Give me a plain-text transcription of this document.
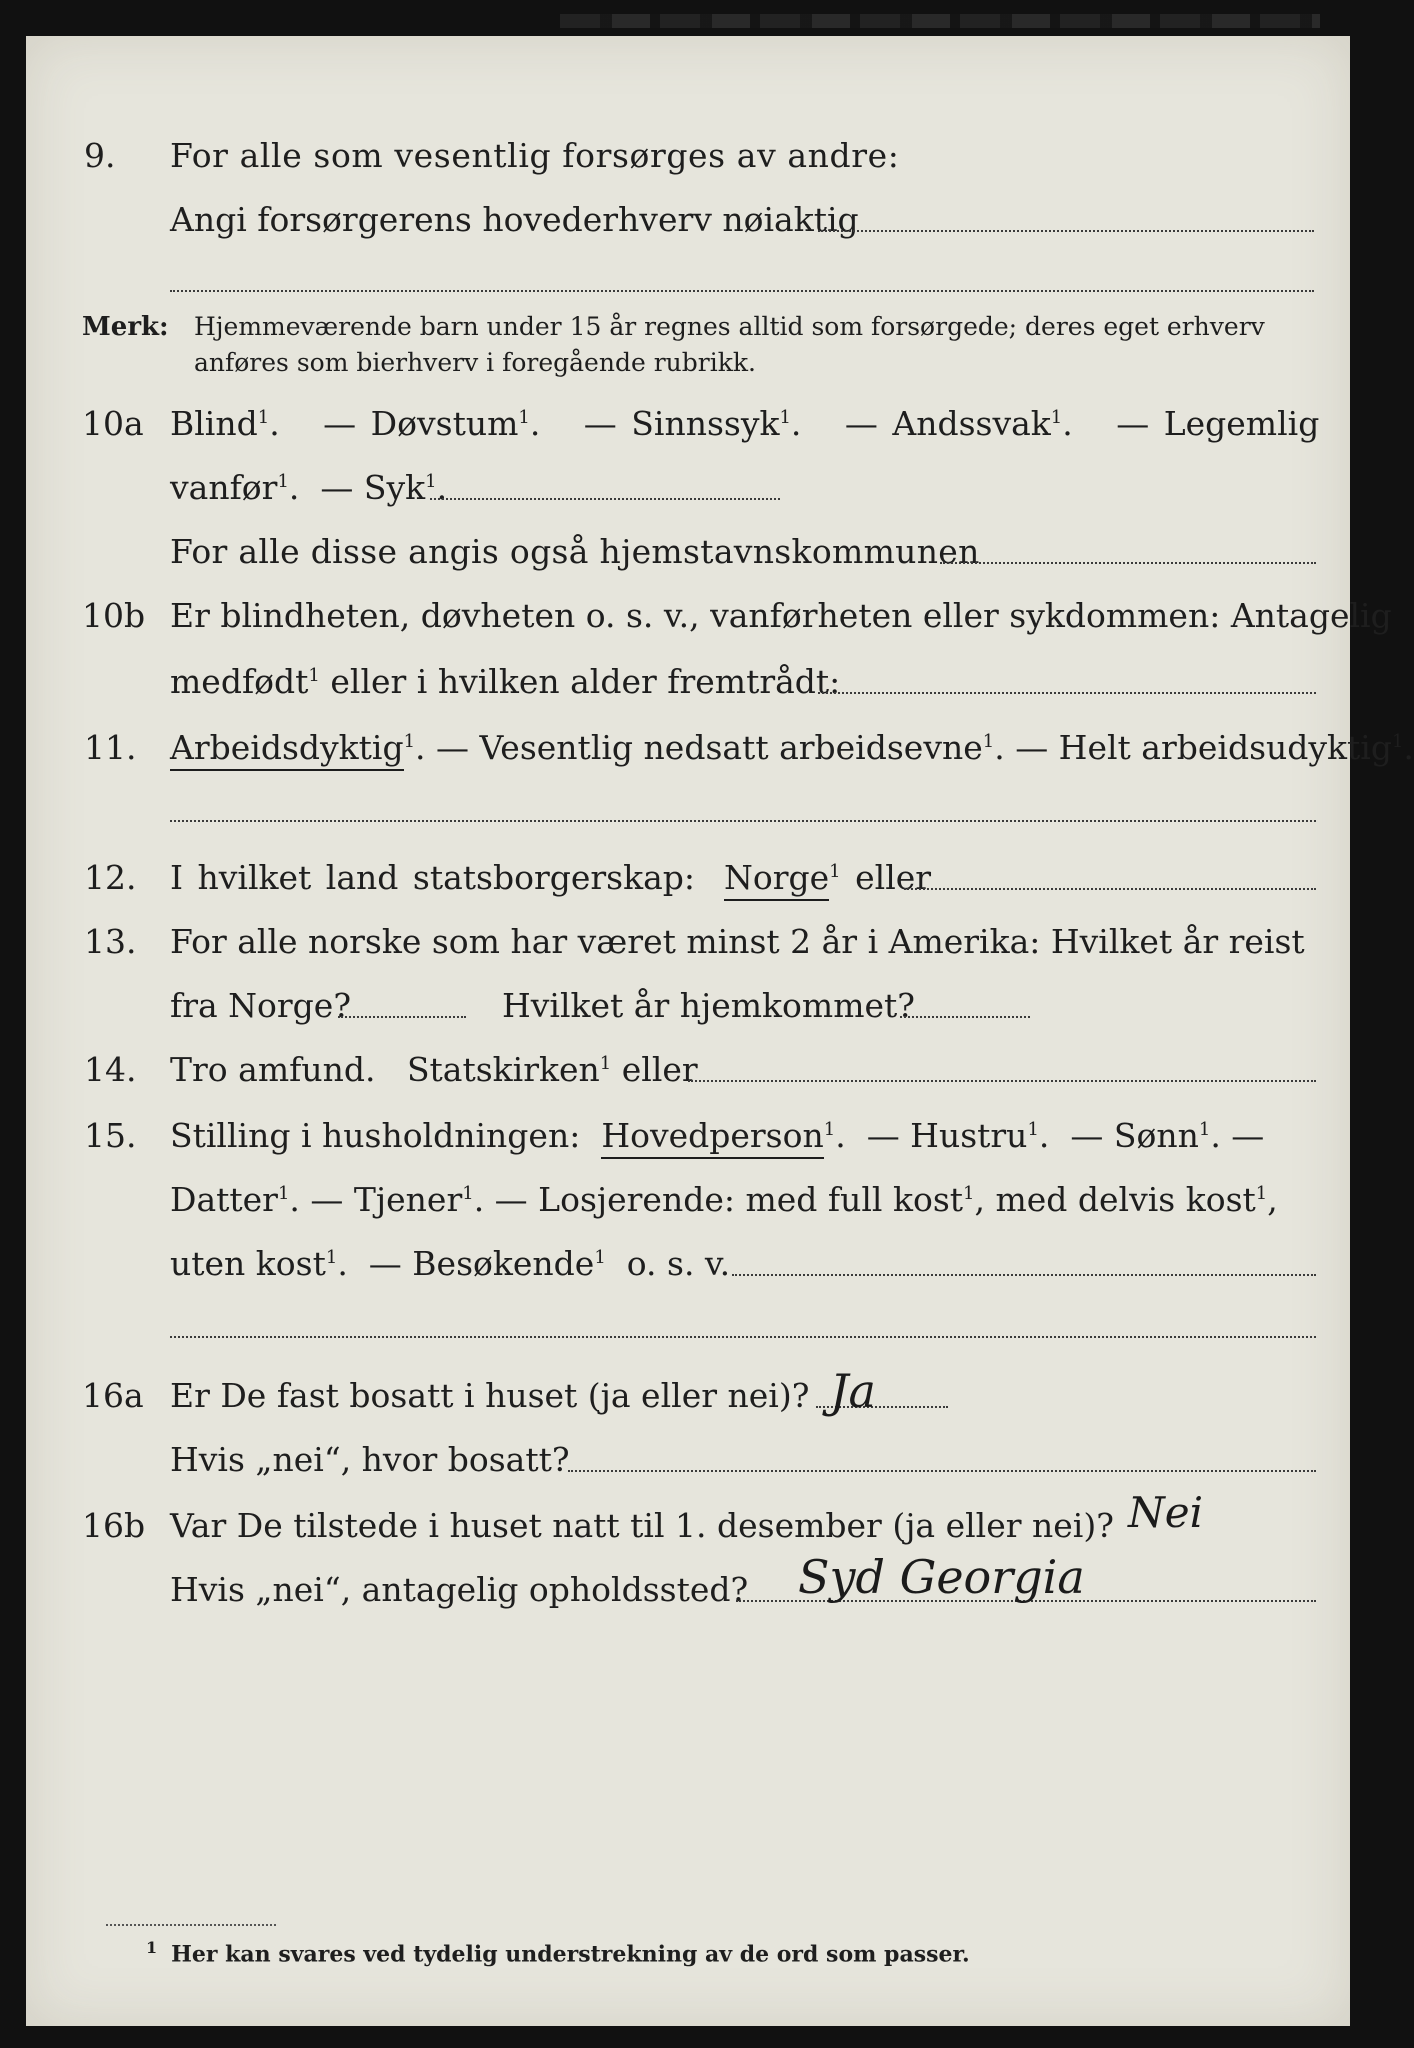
9. For alle som vesentlig forsørges av andre:
Angi forsørgerens hovederhverv nøiaktig
Merk: Hjemmeværende barn under 15 år regnes alltid som forsørgede; deres eget erhverv
anføres som bierhverv i foregående rubrikk.
10a Blind$^1$.   — Døvstum$^1$.   — Sinnssyk$^1$.   — Andssvak$^1$.   — Legemlig
vanfør$^1$.  — Syk$^1$.
For alle disse angis også hjemstavnskommunen
10b Er blindheten, døvheten o. s. v., vanførheten eller sykdommen: Antagelig
medfødt$^1$ eller i hvilken alder fremtrådt:
11. Arbeidsdyktig$^1$. — Vesentlig nedsatt arbeidsevne$^1$. — Helt arbeidsudyktig$^1$.
12. I hvilket land statsborgerskap: Norge$^1$ eller
13. For alle norske som har været minst 2 år i Amerika: Hvilket år reist
fra Norge?	Hvilket år hjemkommet?
14. Tro amfund. Statskirken$^1$ eller
15. Stilling i husholdningen: Hovedperson$^1$.  — Hustru$^1$.  — Sønn$^1$. —
Datter$^1$. — Tjener$^1$. — Losjerende: med full kost$^1$, med delvis kost$^1$,
uten kost$^1$.  — Besøkende$^1$ o. s. v.
16a Er De fast bosatt i huset (ja eller nei)? Ja
Hvis „nei“, hvor bosatt?
16b Var De tilstede i huset natt til 1. desember (ja eller nei)? Nei
Hvis „nei“, antagelig opholdssted? Syd Georgia
$^1$ Her kan svares ved tydelig understrekning av de ord som passer.
